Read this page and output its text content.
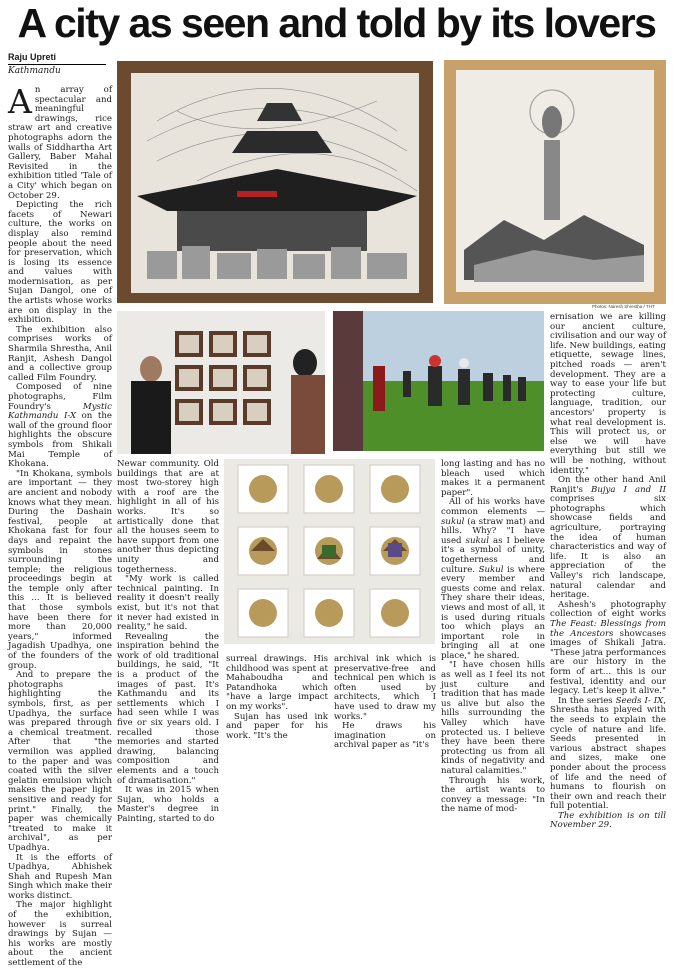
A city as seen and told by its lovers
Raju Upreti
Kathmandu

An array of spectacular and meaningful drawings, rice straw art and creative photographs adorn the walls of Siddhartha Art Gallery, Baber Mahal Revisited in the exhibition titled 'Tale of a City' which began on October 29.

Depicting the rich facets of Newari culture, the works on display also remind people about the need for preservation, which is losing its essence and values with modernisation, as per Sujan Dangol, one of the artists whose works are on display in the exhibition.

The exhibition also comprises works of Sharmila Shrestha, Anil Ranjit, Ashesh Dangol and a collective group called Film Foundry.

Composed of nine photographs, Film Foundry's Mystic Kathmandu I-X on the wall of the ground floor highlights the obscure symbols from Shikali Mai Temple of Khokana.

"In Khokana, symbols are important — they are ancient and nobody knows what they mean. During the Dashain festival, people at Khokana fast for four days and repaint the symbols in stones surrounding the temple; the religious proceedings begin at the temple only after this ... It is believed that those symbols have been there for more than 20,000 years," informed Jagadish Upadhya, one of the founders of the group.

And to prepare the photographs highlighting the symbols, first, as per Upadhya, the surface was prepared through a chemical treatment. After that "the vermilion was applied to the paper and was coated with the silver gelatin emulsion which makes the paper light sensitive and ready for print." Finally, the paper was chemically "treated to make it archival", as per Upadhya.

It is the efforts of Upadhya, Abhishek Shah and Rupesh Man Singh which make their works distinct.

The major highlight of the exhibition, however is surreal drawings by Sujan — his works are mostly about the ancient settlement of the

Photos: Naresh Shrestha / THT

Newar community. Old buildings that are at most two-storey high with a roof are the highlight in all of his works. It's so artistically done that all the houses seem to have support from one another thus depicting unity and togetherness.

"My work is called technical painting. In reality it doesn't really exist, but it's not that it never had existed in reality," he said.

Revealing the inspiration behind the work of old traditional buildings, he said, "It is a product of the images of past. It's Kathmandu and its settlements which I had seen while I was five or six years old. I recalled those memories and started drawing, balancing composition and elements and a touch of dramatisation."

It was in 2015 when Sujan, who holds a Master's degree in Painting, started to do

surreal drawings. His childhood was spent at Mahaboudha and Patandhoka which "have a large impact on my works".

Sujan has used ink and paper for his work. "It's the

archival ink which is preservative-free and technical pen which is often used by architects, which I have used to draw my works."

He draws his imagination on archival paper as "it's

long lasting and has no bleach used which makes it a permanent paper".

All of his works have common elements — sukul (a straw mat) and hills. Why? "I have used sukul as I believe it's a symbol of unity, togetherness and culture. Sukul is where every member and guests come and relax. They share their ideas, views and most of all, it is used during rituals too which plays an important role in bringing all at one place," he shared.

"I have chosen hills as well as I feel its not just culture and tradition that has made us alive but also the hills surrounding the Valley which have protected us. I believe they have been there protecting us from all kinds of negativity and natural calamities."

Through his work, the artist wants to convey a message: "In the name of mod-

ernisation we are killing our ancient culture, civilisation and our way of life. New buildings, eating etiquette, sewage lines, pitched roads — aren't development. They are a way to ease your life but protecting culture, language, tradition, our ancestors' property is what real development is. This will protect us, or else we will have everything but still we will be nothing, without identity."

On the other hand Anil Ranjit's Bujya I and II comprises six photographs which showcase fields and agriculture, portraying the idea of human characteristics and way of life. It is also an appreciation of the Valley's rich landscape, natural calendar and heritage.

Ashesh's photography collection of eight works The Feast: Blessings from the Ancestors showcases images of Shikali Jatra. "These jatra performances are our history in the form of art... this is our festival, identity and our legacy. Let's keep it alive."

In the series Seeds I- IX, Shrestha has played with the seeds to explain the cycle of nature and life. Seeds presented in various abstract shapes and sizes, make one ponder about the process of life and the need of humans to flourish on their own and reach their full potential.

The exhibition is on till November 29.
